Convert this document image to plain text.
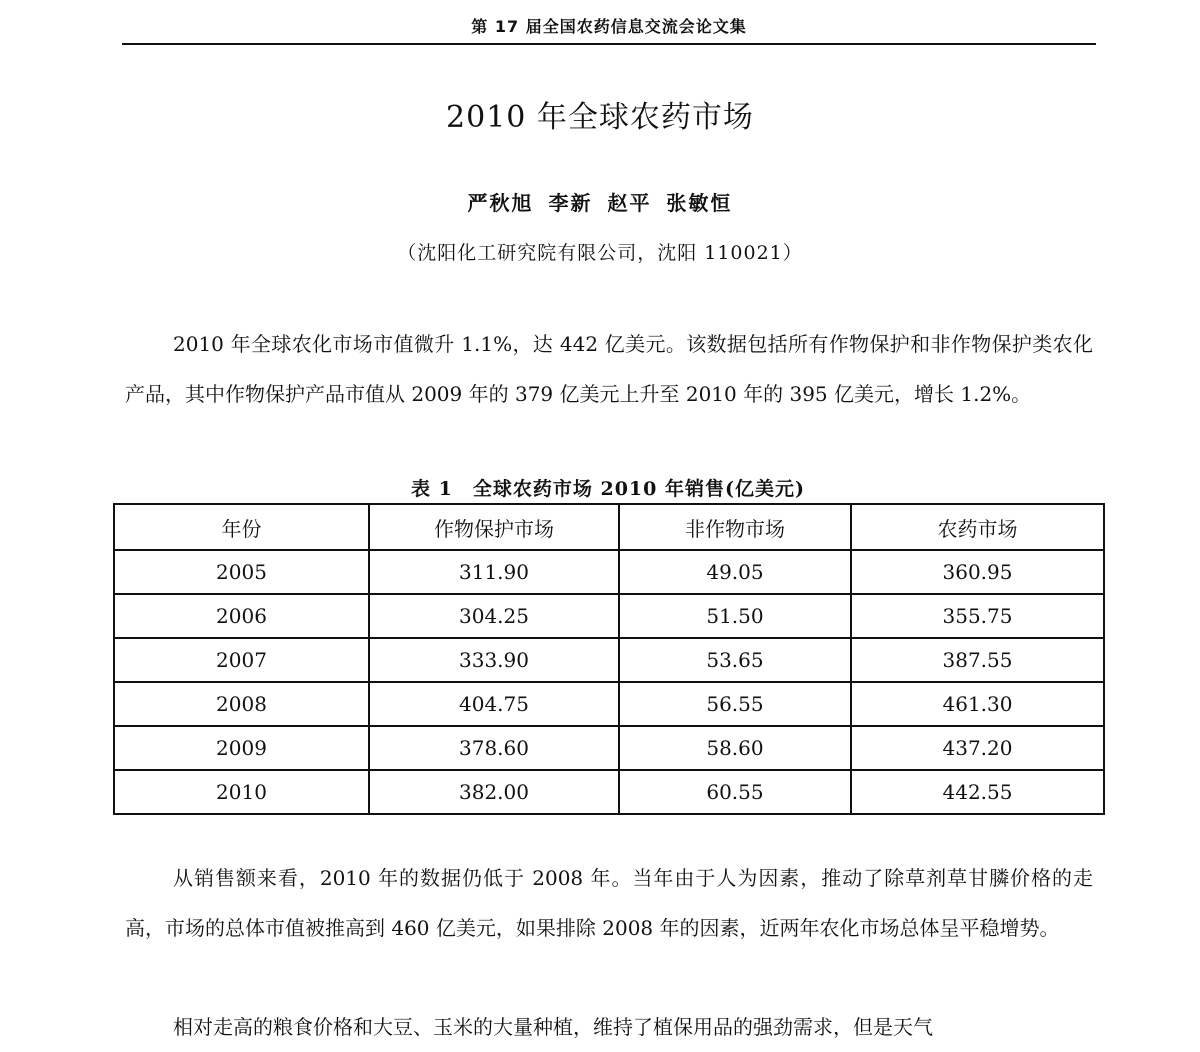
第 17 届全国农药信息交流会论文集
2010 年全球农药市场
严秋旭 李新 赵平 张敏恒
（沈阳化工研究院有限公司，沈阳 110021）

2010 年全球农化市场市值微升 1.1%，达 442 亿美元。该数据包括所有作物保护和非作物保护类农化产品，其中作物保护产品市值从 2009 年的 379 亿美元上升至 2010 年的 395 亿美元，增长 1.2%。

表 1　全球农药市场 2010 年销售(亿美元)
年份	作物保护市场	非作物市场	农药市场
2005	311.90	49.05	360.95
2006	304.25	51.50	355.75
2007	333.90	53.65	387.55
2008	404.75	56.55	461.30
2009	378.60	58.60	437.20
2010	382.00	60.55	442.55

从销售额来看，2010 年的数据仍低于 2008 年。当年由于人为因素，推动了除草剂草甘膦价格的走高，市场的总体市值被推高到 460 亿美元，如果排除 2008 年的因素，近两年农化市场总体呈平稳增势。

相对走高的粮食价格和大豆、玉米的大量种植，维持了植保用品的强劲需求，但是天气
